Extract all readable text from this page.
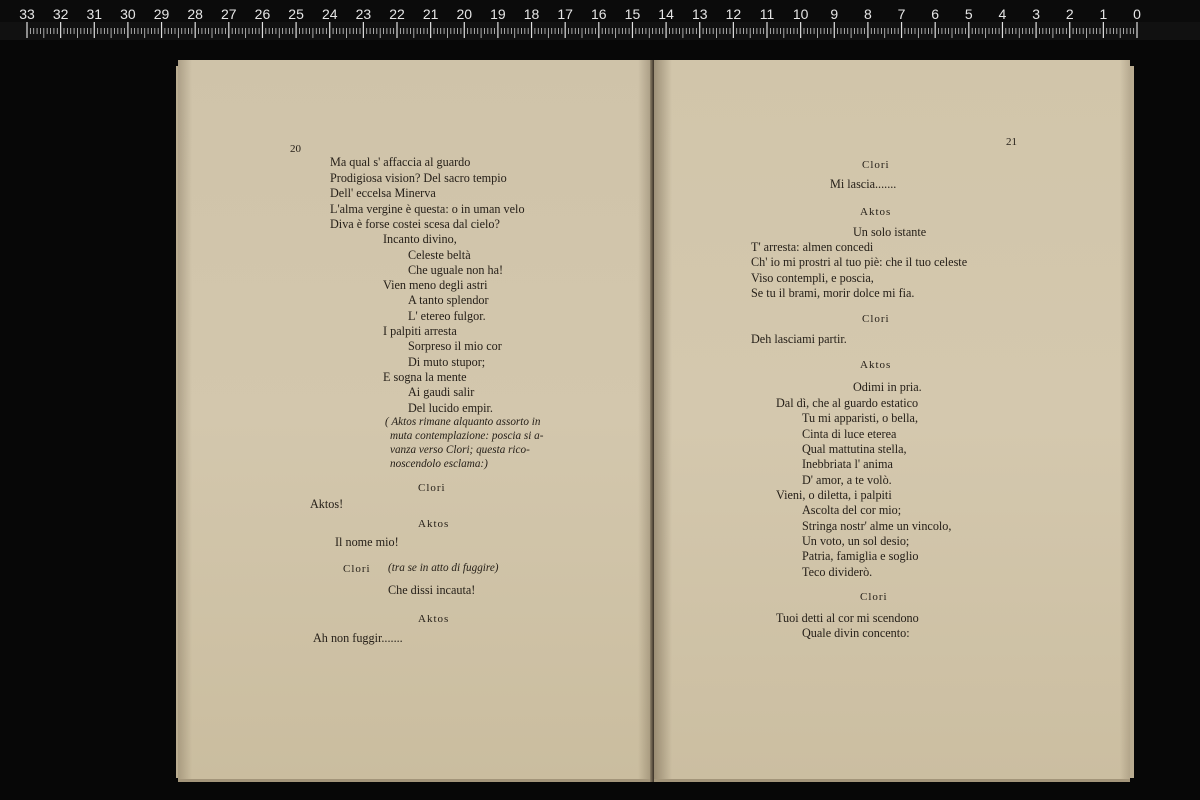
33 32 31 30 29 28 27 26 25 24 23 22 21 20 19 18 17 16 15 14 13 12 11 10 9 8 7 6 5 4 3 2 1 0
20
Ma qual s' affaccia al guardo
Prodigiosa vision? Del sacro tempio
Dell' eccelsa Minerva
L'alma vergine è questa: o in uman velo
Diva è forse costei scesa dal cielo?
Incanto divino,
Celeste beltà
Che uguale non ha!
Vien meno degli astri
A tanto splendor
L' etereo fulgor.
I palpiti arresta
Sorpreso il mio cor
Di muto stupor;
E sogna la mente
Ai gaudi salir
Del lucido empir.
( Aktos rimane alquanto assorto in
muta contemplazione: poscia si a-
vanza verso Clori; questa rico-
noscendolo esclama:)
Clori
Aktos!
Aktos
Il nome mio!
Clori (tra se in atto di fuggire)
Che dissi incauta!
Aktos
Ah non fuggir.......
21
Clori
Mi lascia.......
Aktos
Un solo istante
T' arresta: almen concedi
Ch' io mi prostri al tuo piè: che il tuo celeste
Viso contempli, e poscia,
Se tu il brami, morir dolce mi fia.
Clori
Deh lasciami partir.
Aktos
Odimi in pria.
Dal dì, che al guardo estatico
Tu mi apparisti, o bella,
Cinta di luce eterea
Qual mattutina stella,
Inebbriata l' anima
D' amor, a te volò.
Vieni, o diletta, i palpiti
Ascolta del cor mio;
Stringa nostr' alme un vincolo,
Un voto, un sol desio;
Patria, famiglia e soglio
Teco dividerò.
Clori
Tuoi detti al cor mi scendono
Quale divin concento:
